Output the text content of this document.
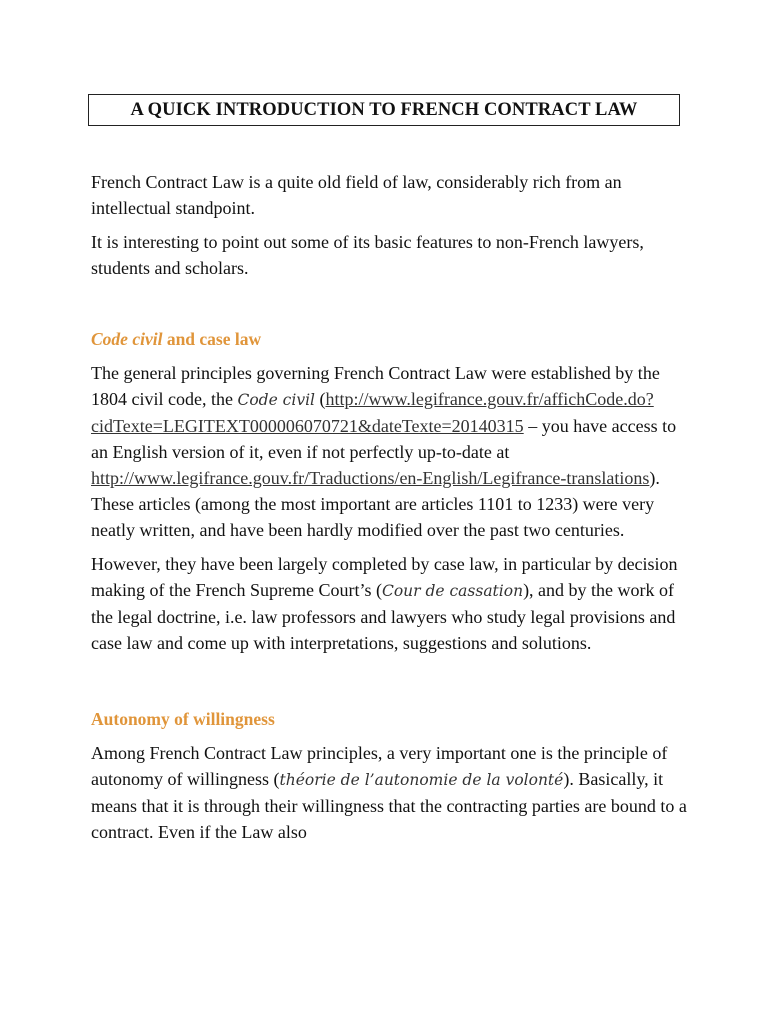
A QUICK INTRODUCTION TO FRENCH CONTRACT LAW

French Contract Law is a quite old field of law, considerably rich from an intellectual standpoint.

It is interesting to point out some of its basic features to non-French lawyers, students and scholars.

Code civil and case law

The general principles governing French Contract Law were established by the 1804 civil code, the Code civil (http://www.legifrance.gouv.fr/affichCode.do?cidTexte=LEGITEXT000006070721&dateTexte=20140315 – you have access to an English version of it, even if not perfectly up-to-date at http://www.legifrance.gouv.fr/Traductions/en-English/Legifrance-translations). These articles (among the most important are articles 1101 to 1233) were very neatly written, and have been hardly modified over the past two centuries.

However, they have been largely completed by case law, in particular by decision making of the French Supreme Court’s (Cour de cassation), and by the work of the legal doctrine, i.e. law professors and lawyers who study legal provisions and case law and come up with interpretations, suggestions and solutions.

Autonomy of willingness

Among French Contract Law principles, a very important one is the principle of autonomy of willingness (théorie de l’autonomie de la volonté). Basically, it means that it is through their willingness that the contracting parties are bound to a contract. Even if the Law also
